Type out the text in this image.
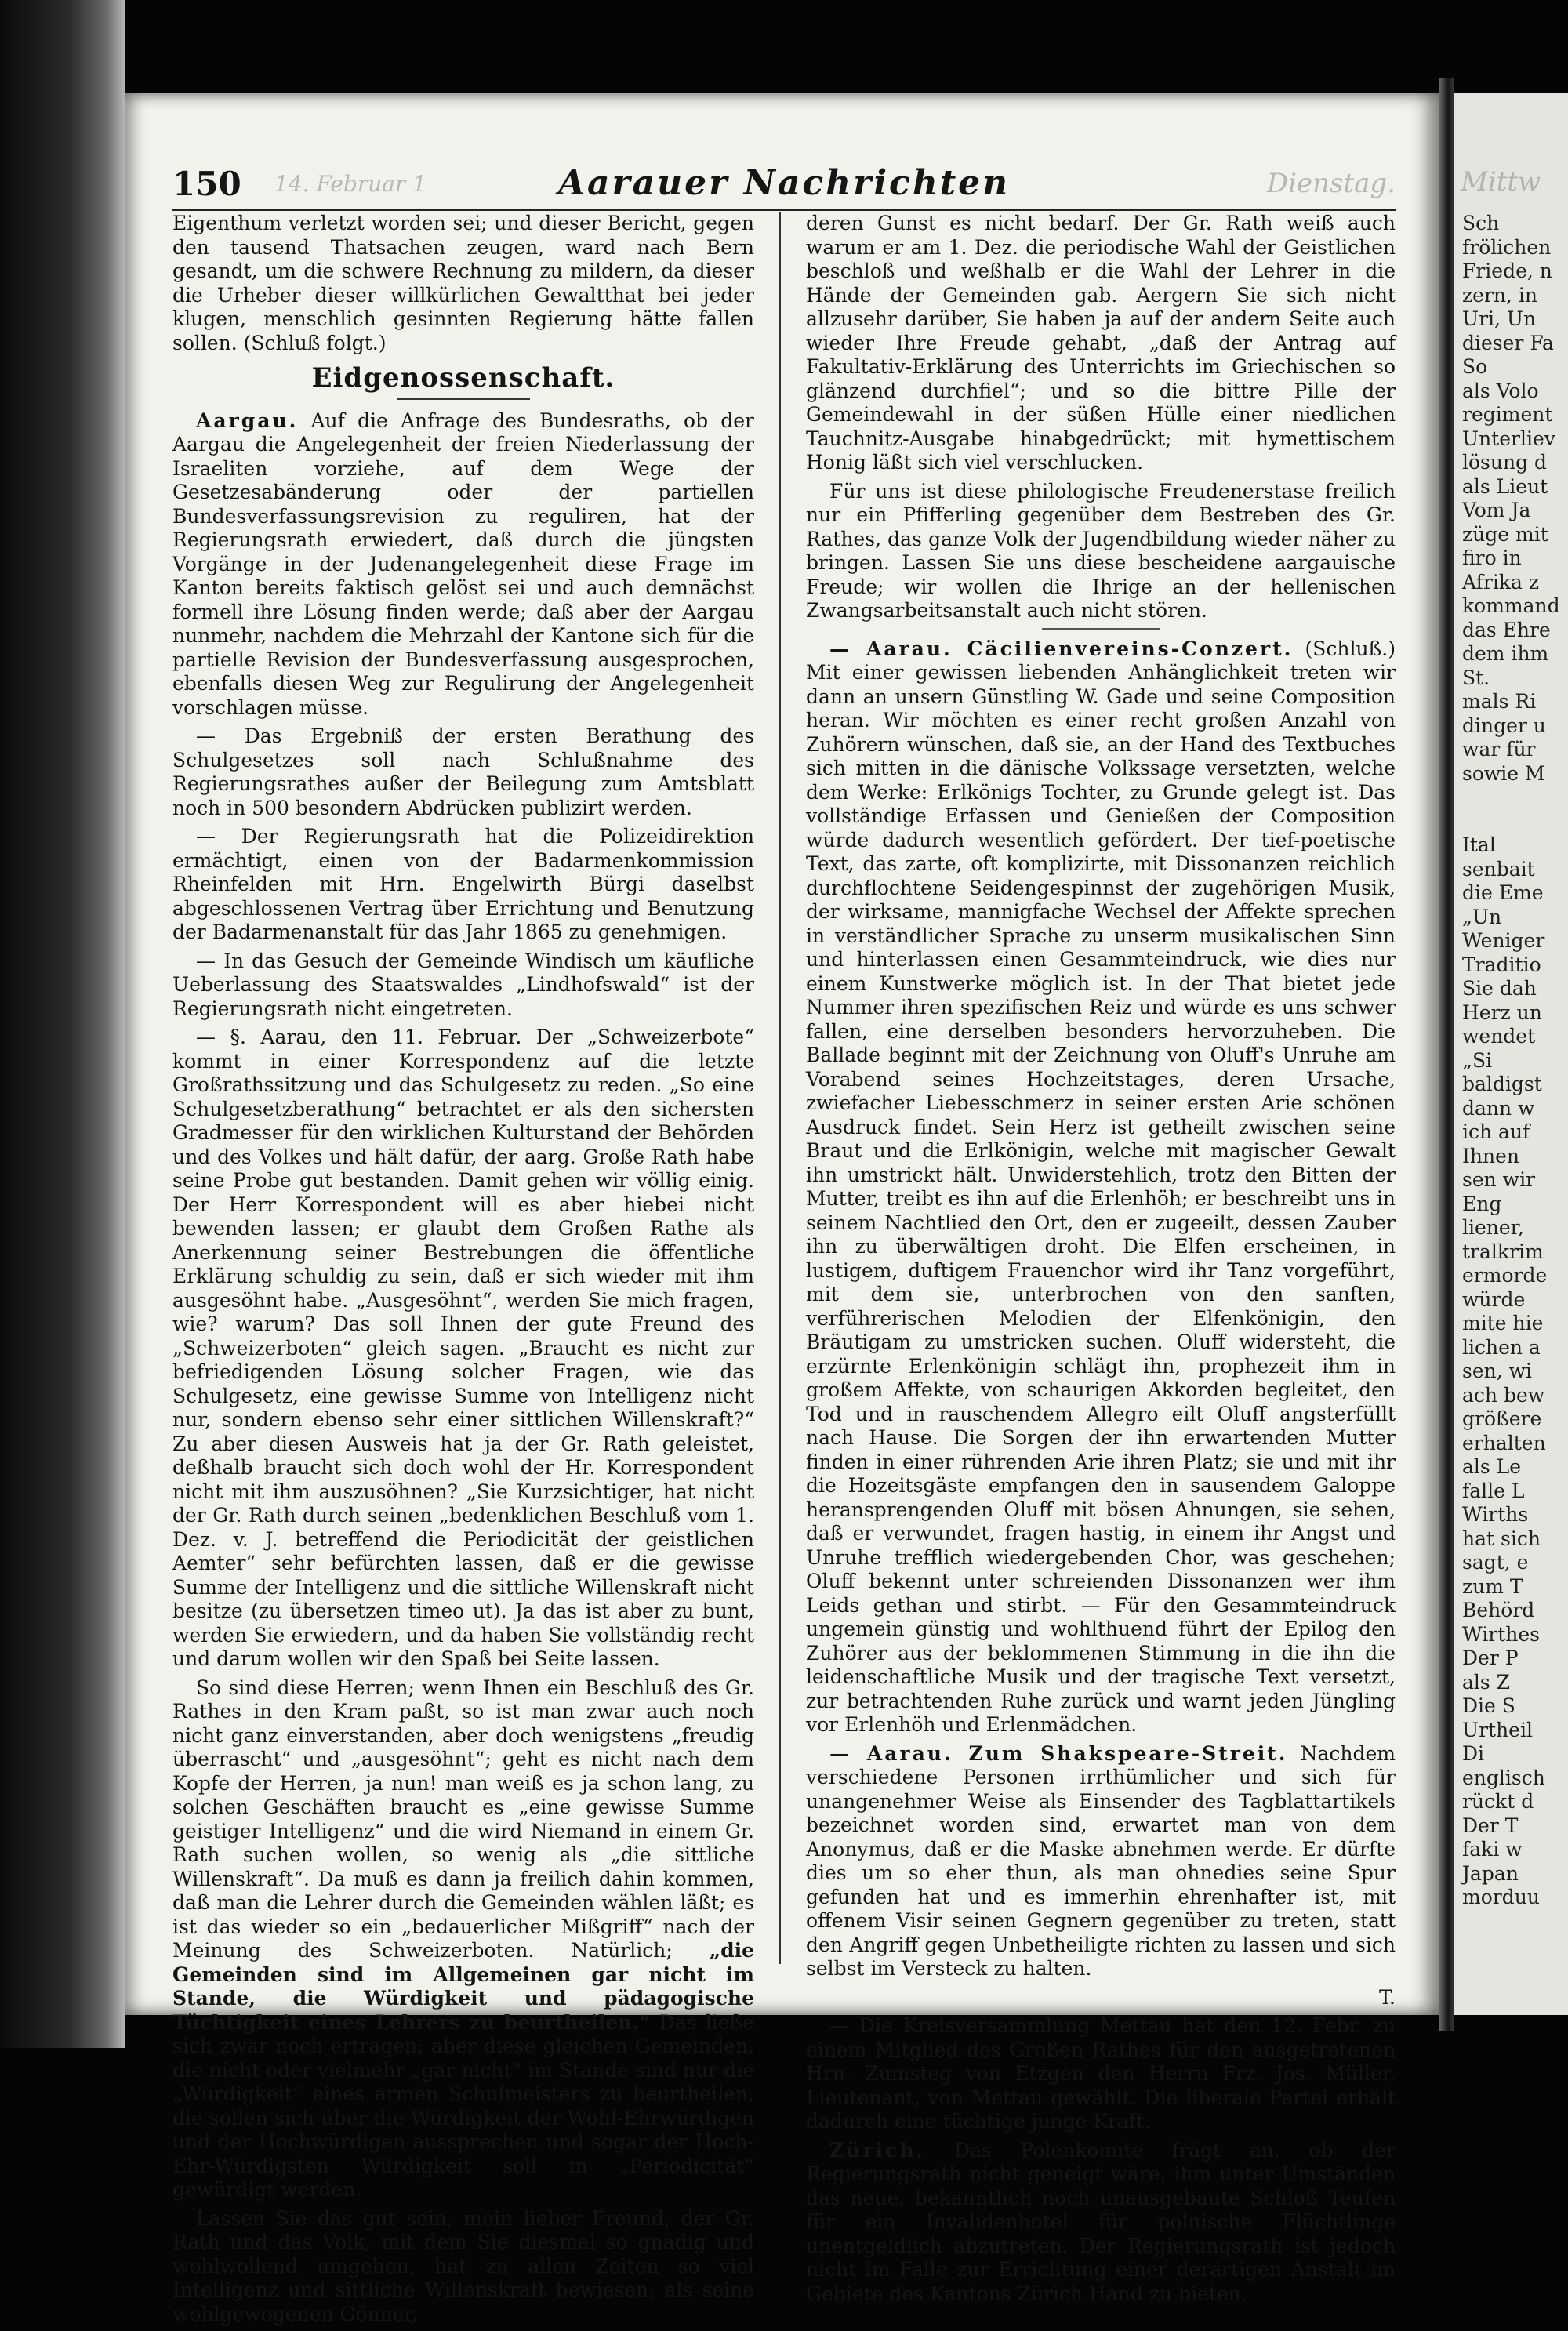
150 14. Februar 1	Aarauer Nachrichten	Dienstag.

Eigenthum verletzt worden sei; und dieser Bericht, gegen den tausend Thatsachen zeugen, ward nach Bern gesandt, um die schwere Rechnung zu mildern, da dieser die Urheber dieser willkürlichen Gewaltthat bei jeder klugen, menschlich gesinnten Regierung hätte fallen sollen. (Schluß folgt.)

Eidgenossenschaft.

Aargau. Auf die Anfrage des Bundesraths, ob der Aargau die Angelegenheit der freien Niederlassung der Israeliten vorziehe, auf dem Wege der Gesetzesabänderung oder der partiellen Bundesverfassungsrevision zu reguliren, hat der Regierungsrath erwiedert, daß durch die jüngsten Vorgänge in der Judenangelegenheit diese Frage im Kanton bereits faktisch gelöst sei und auch demnächst formell ihre Lösung finden werde; daß aber der Aargau nunmehr, nachdem die Mehrzahl der Kantone sich für die partielle Revision der Bundesverfassung ausgesprochen, ebenfalls diesen Weg zur Regulirung der Angelegenheit vorschlagen müsse.

— Das Ergebniß der ersten Berathung des Schulgesetzes soll nach Schlußnahme des Regierungsrathes außer der Beilegung zum Amtsblatt noch in 500 besondern Abdrücken publizirt werden.

— Der Regierungsrath hat die Polizeidirektion ermächtigt, einen von der Badarmenkommission Rheinfelden mit Hrn. Engelwirth Bürgi daselbst abgeschlossenen Vertrag über Errichtung und Benutzung der Badarmenanstalt für das Jahr 1865 zu genehmigen.

— In das Gesuch der Gemeinde Windisch um käufliche Ueberlassung des Staatswaldes „Lindhofswald“ ist der Regierungsrath nicht eingetreten.

— §. Aarau, den 11. Februar. Der „Schweizerbote“ kommt in einer Korrespondenz auf die letzte Großrathssitzung und das Schulgesetz zu reden. „So eine Schulgesetzberathung“ betrachtet er als den sichersten Gradmesser für den wirklichen Kulturstand der Behörden und des Volkes und hält dafür, der aarg. Große Rath habe seine Probe gut bestanden. Damit gehen wir völlig einig. Der Herr Korrespondent will es aber hiebei nicht bewenden lassen; er glaubt dem Großen Rathe als Anerkennung seiner Bestrebungen die öffentliche Erklärung schuldig zu sein, daß er sich wieder mit ihm ausgesöhnt habe. „Ausgesöhnt“, werden Sie mich fragen, wie? warum? Das soll Ihnen der gute Freund des „Schweizerboten“ gleich sagen. „Braucht es nicht zur befriedigenden Lösung solcher Fragen, wie das Schulgesetz, eine gewisse Summe von Intelligenz nicht nur, sondern ebenso sehr einer sittlichen Willenskraft?“ Zu aber diesen Ausweis hat ja der Gr. Rath geleistet, deßhalb braucht sich doch wohl der Hr. Korrespondent nicht mit ihm auszusöhnen? „Sie Kurzsichtiger, hat nicht der Gr. Rath durch seinen „bedenklichen Beschluß vom 1. Dez. v. J. betreffend die Periodicität der geistlichen Aemter“ sehr befürchten lassen, daß er die gewisse Summe der Intelligenz und die sittliche Willenskraft nicht besitze (zu übersetzen timeo ut). Ja das ist aber zu bunt, werden Sie erwiedern, und da haben Sie vollständig recht und darum wollen wir den Spaß bei Seite lassen.

So sind diese Herren; wenn Ihnen ein Beschluß des Gr. Rathes in den Kram paßt, so ist man zwar auch noch nicht ganz einverstanden, aber doch wenigstens „freudig überrascht“ und „ausgesöhnt“; geht es nicht nach dem Kopfe der Herren, ja nun! man weiß es ja schon lang, zu solchen Geschäften braucht es „eine gewisse Summe geistiger Intelligenz“ und die wird Niemand in einem Gr. Rath suchen wollen, so wenig als „die sittliche Willenskraft“. Da muß es dann ja freilich dahin kommen, daß man die Lehrer durch die Gemeinden wählen läßt; es ist das wieder so ein „bedauerlicher Mißgriff“ nach der Meinung des Schweizerboten. Natürlich; „die Gemeinden sind im Allgemeinen gar nicht im Stande, die Würdigkeit und pädagogische Tüchtigkeit eines Lehrers zu beurtheilen.“ Das ließe sich zwar noch ertragen; aber diese gleichen Gemeinden, die nicht oder vielmehr „gar nicht“ im Stande sind nur die „Würdigkeit“ eines armen Schulmeisters zu beurtheilen, die sollen sich über die Würdigkeit der Wohl-Ehrwürdigen und der Hochwürdigen aussprechen und sogar der Hoch-Ehr-Würdigsten Würdigkeit soll in „Periodicität“ gewürdigt werden.

Lassen Sie das gut sein, mein lieber Freund, der Gr. Rath und das Volk, mit dem Sie diesmal so gnädig und wohlwollend umgehen, hat zu allen Zeiten so viel Intelligenz und sittliche Willenskraft bewiesen, als seine wohlgewogenen Gönner,

deren Gunst es nicht bedarf. Der Gr. Rath weiß auch warum er am 1. Dez. die periodische Wahl der Geistlichen beschloß und weßhalb er die Wahl der Lehrer in die Hände der Gemeinden gab. Aergern Sie sich nicht allzusehr darüber, Sie haben ja auf der andern Seite auch wieder Ihre Freude gehabt, „daß der Antrag auf Fakultativ-Erklärung des Unterrichts im Griechischen so glänzend durchfiel“; und so die bittre Pille der Gemeindewahl in der süßen Hülle einer niedlichen Tauchnitz-Ausgabe hinabgedrückt; mit hymettischem Honig läßt sich viel verschlucken.

Für uns ist diese philologische Freudenerstase freilich nur ein Pfifferling gegenüber dem Bestreben des Gr. Rathes, das ganze Volk der Jugendbildung wieder näher zu bringen. Lassen Sie uns diese bescheidene aargauische Freude; wir wollen die Ihrige an der hellenischen Zwangsarbeitsanstalt auch nicht stören.

— Aarau. Cäcilienvereins-Conzert. (Schluß.) Mit einer gewissen liebenden Anhänglichkeit treten wir dann an unsern Günstling W. Gade und seine Composition heran. Wir möchten es einer recht großen Anzahl von Zuhörern wünschen, daß sie, an der Hand des Textbuches sich mitten in die dänische Volkssage versetzten, welche dem Werke: Erlkönigs Tochter, zu Grunde gelegt ist. Das vollständige Erfassen und Genießen der Composition würde dadurch wesentlich gefördert. Der tief-poetische Text, das zarte, oft komplizirte, mit Dissonanzen reichlich durchflochtene Seidengespinnst der zugehörigen Musik, der wirksame, mannigfache Wechsel der Affekte sprechen in verständlicher Sprache zu unserm musikalischen Sinn und hinterlassen einen Gesammteindruck, wie dies nur einem Kunstwerke möglich ist. In der That bietet jede Nummer ihren spezifischen Reiz und würde es uns schwer fallen, eine derselben besonders hervorzuheben. Die Ballade beginnt mit der Zeichnung von Oluff's Unruhe am Vorabend seines Hochzeitstages, deren Ursache, zwiefacher Liebesschmerz in seiner ersten Arie schönen Ausdruck findet. Sein Herz ist getheilt zwischen seine Braut und die Erlkönigin, welche mit magischer Gewalt ihn umstrickt hält. Unwiderstehlich, trotz den Bitten der Mutter, treibt es ihn auf die Erlenhöh; er beschreibt uns in seinem Nachtlied den Ort, den er zugeeilt, dessen Zauber ihn zu überwältigen droht. Die Elfen erscheinen, in lustigem, duftigem Frauenchor wird ihr Tanz vorgeführt, mit dem sie, unterbrochen von den sanften, verführerischen Melodien der Elfenkönigin, den Bräutigam zu umstricken suchen. Oluff widersteht, die erzürnte Erlenkönigin schlägt ihn, prophezeit ihm in großem Affekte, von schaurigen Akkorden begleitet, den Tod und in rauschendem Allegro eilt Oluff angsterfüllt nach Hause. Die Sorgen der ihn erwartenden Mutter finden in einer rührenden Arie ihren Platz; sie und mit ihr die Hozeitsgäste empfangen den in sausendem Galoppe heransprengenden Oluff mit bösen Ahnungen, sie sehen, daß er verwundet, fragen hastig, in einem ihr Angst und Unruhe trefflich wiedergebenden Chor, was geschehen; Oluff bekennt unter schreienden Dissonanzen wer ihm Leids gethan und stirbt. — Für den Gesammteindruck ungemein günstig und wohlthuend führt der Epilog den Zuhörer aus der beklommenen Stimmung in die ihn die leidenschaftliche Musik und der tragische Text versetzt, zur betrachtenden Ruhe zurück und warnt jeden Jüngling vor Erlenhöh und Erlenmädchen.

— Aarau. Zum Shakspeare-Streit. Nachdem verschiedene Personen irrthümlicher und sich für unangenehmer Weise als Einsender des Tagblattartikels bezeichnet worden sind, erwartet man von dem Anonymus, daß er die Maske abnehmen werde. Er dürfte dies um so eher thun, als man ohnedies seine Spur gefunden hat und es immerhin ehrenhafter ist, mit offenem Visir seinen Gegnern gegenüber zu treten, statt den Angriff gegen Unbetheiligte richten zu lassen und sich selbst im Versteck zu halten.

T.

— Die Kreisversammlung Mettau hat den 12. Febr. zu einem Mitglied des Großen Rathes für den ausgetretenen Hrn. Zumsteg von Etzgen den Herrn Frz. Jos. Müller, Lieutenant, von Mettau gewählt. Die liberale Partei erhält dadurch eine tüchtige junge Kraft.

Zürich. Das Polenkomite frägt an, ob der Regierungsrath nicht geneigt wäre, ihm unter Umständen das neue, bekanntlich noch unausgebaute Schloß Teufen für ein Invalidenhotel für polnische Flüchtlinge unentgeldlich abzutreten. Der Regierungsrath ist jedoch nicht im Falle zur Errichtung einer derartigen Anstalt im Gebiete des Kantons Zürich Hand zu bieten.

Mittw
Sch
frölichen
Friede, n
zern, in
Uri, Un
dieser Fa
So
als Volo
regiment
Unterliev
lösung d
als Lieut
Vom Ja
züge mit
firo in
Afrika z
kommand
das Ehre
dem ihm
St.
mals Ri
dinger u
war für
sowie M

Ital
senbait
die Eme
„Un
Weniger
Traditio
Sie dah
Herz un
wendet
„Si
baldigst
dann w
ich auf
Ihnen
sen wir
Eng
liener,
tralkrim
ermorde
würde
mite hie
lichen a
sen, wi
ach bew
größere
erhalten
als Le
falle L
Wirths
hat sich
sagt, e
zum T
Behörd
Wirthes
Der P
als Z
Die S
Urtheil
Di
englisch
rückt d
Der T
faki w
Japan
morduu
